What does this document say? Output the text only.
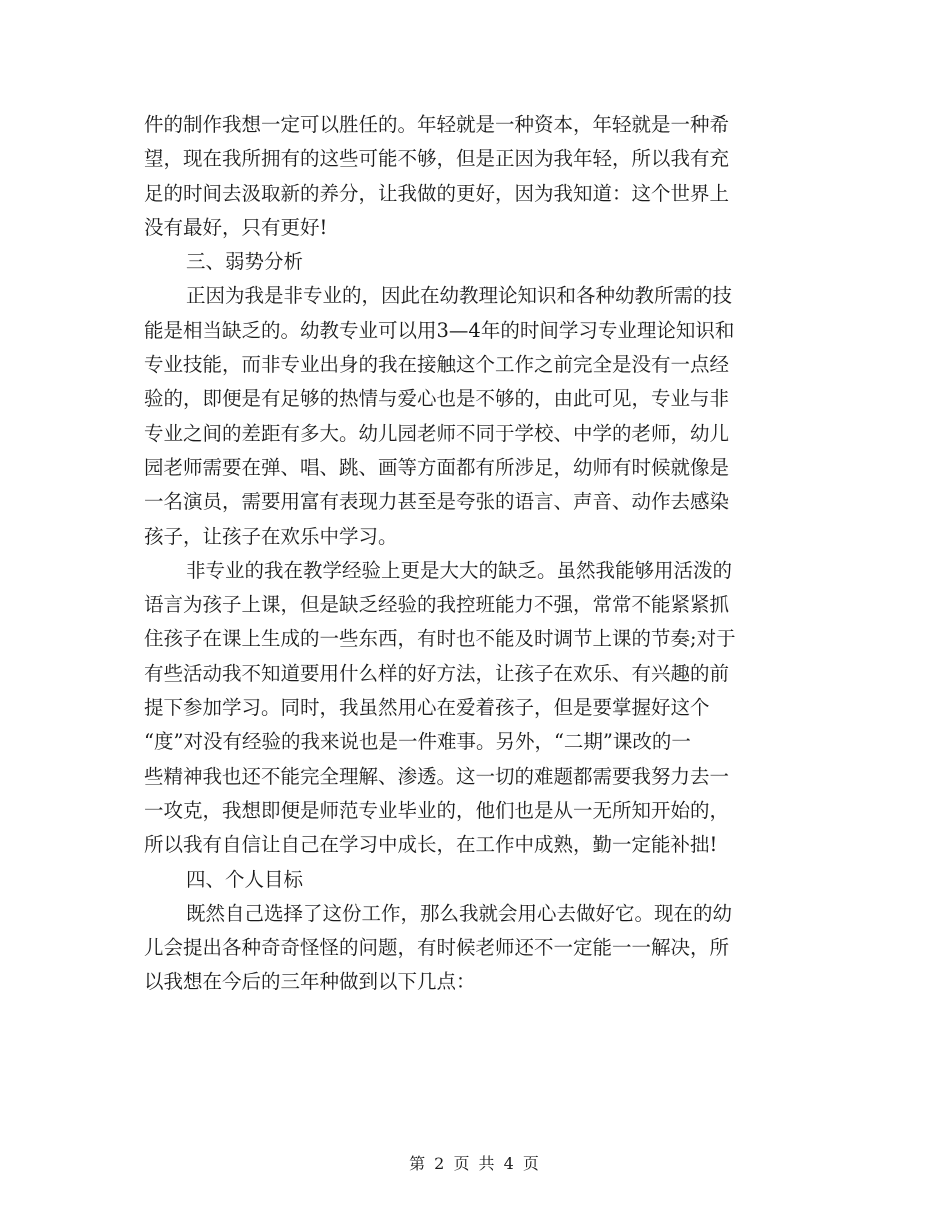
件的制作我想一定可以胜任的。年轻就是一种资本，年轻就是一种希
望，现在我所拥有的这些可能不够，但是正因为我年轻，所以我有充
足的时间去汲取新的养分，让我做的更好，因为我知道：这个世界上
没有最好，只有更好!
三、弱势分析
正因为我是非专业的，因此在幼教理论知识和各种幼教所需的技
能是相当缺乏的。幼教专业可以用3—4年的时间学习专业理论知识和
专业技能，而非专业出身的我在接触这个工作之前完全是没有一点经
验的，即便是有足够的热情与爱心也是不够的，由此可见，专业与非
专业之间的差距有多大。幼儿园老师不同于学校、中学的老师，幼儿
园老师需要在弹、唱、跳、画等方面都有所涉足，幼师有时候就像是
一名演员，需要用富有表现力甚至是夸张的语言、声音、动作去感染
孩子，让孩子在欢乐中学习。
非专业的我在教学经验上更是大大的缺乏。虽然我能够用活泼的
语言为孩子上课，但是缺乏经验的我控班能力不强，常常不能紧紧抓
住孩子在课上生成的一些东西，有时也不能及时调节上课的节奏;对于
有些活动我不知道要用什么样的好方法，让孩子在欢乐、有兴趣的前
提下参加学习。同时，我虽然用心在爱着孩子，但是要掌握好这个
“度”对没有经验的我来说也是一件难事。另外，“二期”课改的一
些精神我也还不能完全理解、渗透。这一切的难题都需要我努力去一
一攻克，我想即便是师范专业毕业的，他们也是从一无所知开始的，
所以我有自信让自己在学习中成长，在工作中成熟，勤一定能补拙!
四、个人目标
既然自己选择了这份工作，那么我就会用心去做好它。现在的幼
儿会提出各种奇奇怪怪的问题，有时候老师还不一定能一一解决，所
以我想在今后的三年种做到以下几点：
第 2 页 共 4 页
